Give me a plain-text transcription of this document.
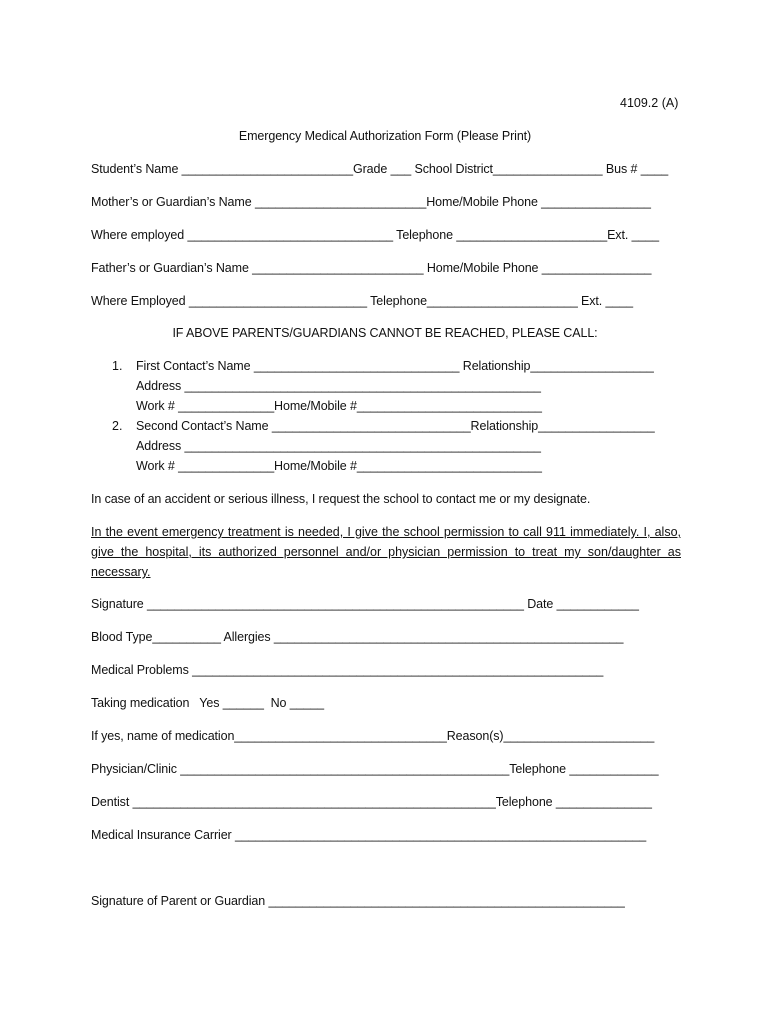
4109.2 (A)
Emergency Medical Authorization Form (Please Print)
Student’s Name _________________________Grade ___ School District________________ Bus # ____
Mother’s or Guardian’s Name _________________________Home/Mobile Phone ________________
Where employed ______________________________ Telephone ______________________Ext. ____
Father’s or Guardian’s Name _________________________ Home/Mobile Phone ________________
Where Employed __________________________ Telephone______________________ Ext. ____
IF ABOVE PARENTS/GUARDIANS CANNOT BE REACHED, PLEASE CALL:
1. First Contact’s Name ______________________________ Relationship__________________
Address ____________________________________________________
Work # ______________Home/Mobile #___________________________
2. Second Contact’s Name _____________________________Relationship_________________
Address ____________________________________________________
Work # ______________Home/Mobile #___________________________
In case of an accident or serious illness, I request the school to contact me or my designate.
In the event emergency treatment is needed, I give the school permission to call 911 immediately. I, also, give the hospital, its authorized personnel and/or physician permission to treat my son/daughter as necessary.
Signature _______________________________________________________ Date ____________
Blood Type__________ Allergies ___________________________________________________
Medical Problems ____________________________________________________________
Taking medication   Yes ______  No _____
If yes, name of medication_______________________________Reason(s)______________________
Physician/Clinic ________________________________________________Telephone _____________
Dentist _____________________________________________________Telephone ______________
Medical Insurance Carrier ____________________________________________________________
Signature of Parent or Guardian ____________________________________________________
